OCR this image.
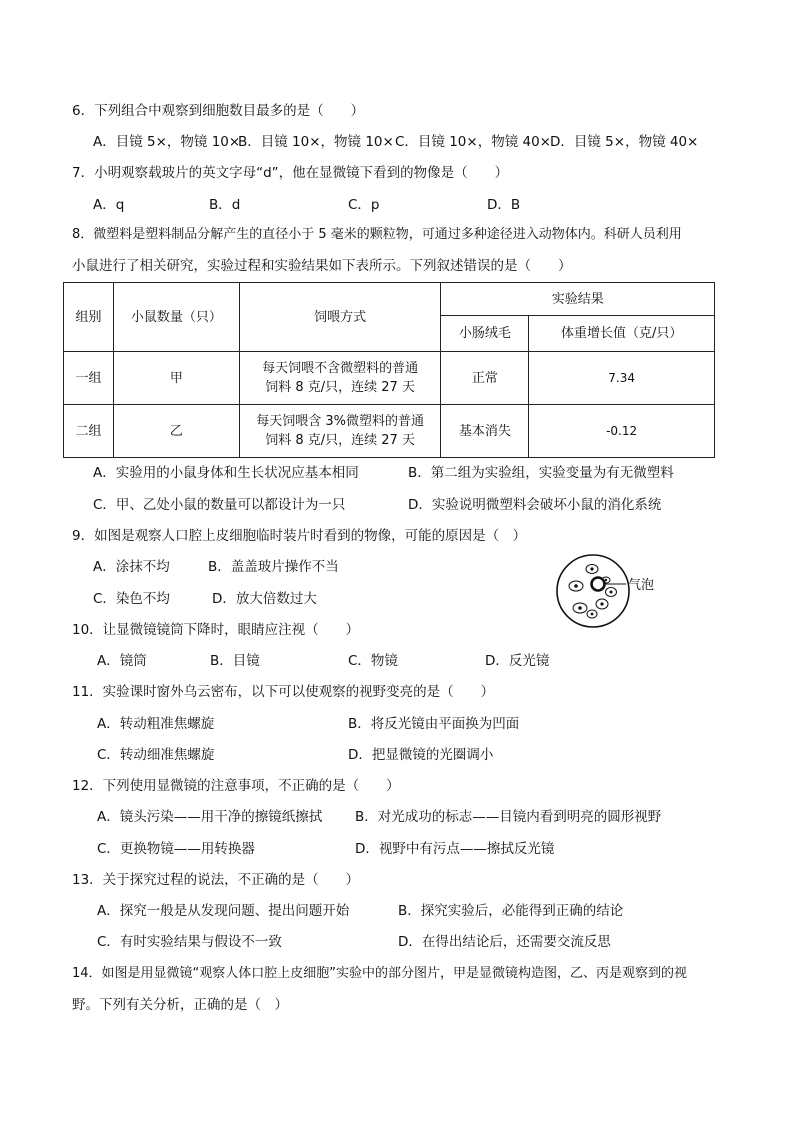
6．下列组合中观察到细胞数目最多的是（　　）
A．目镜 5×，物镜 10×
B．目镜 10×，物镜 10× C．目镜 10×，物镜 40× D．目镜 5×，物镜 40×
7．小明观察载玻片的英文字母“d”，他在显微镜下看到的物像是（　　）
A．q	B．d	C．p	D．B
8．微塑料是塑料制品分解产生的直径小于 5 毫米的颗粒物，可通过多种途径进入动物体内。科研人员利用
小鼠进行了相关研究，实验过程和实验结果如下表所示。下列叙述错误的是（　　）
组别	小鼠数量（只）	饲喂方式	实验结果	
			小肠绒毛	体重增长值（克/只）
一组	甲	每天饲喂不含微塑料的普通
饲料 8 克/只，连续 27 天	正常	7.34
二组	乙	每天饲喂含 3%微塑料的普通
饲料 8 克/只，连续 27 天	基本消失	-0.12
A．实验用的小鼠身体和生长状况应基本相同	B．第二组为实验组，实验变量为有无微塑料
C．甲、乙处小鼠的数量可以都设计为一只	D．实验说明微塑料会破坏小鼠的消化系统
9．如图是观察人口腔上皮细胞临时装片时看到的物像，可能的原因是（　）
A．涂抹不均	B．盖盖玻片操作不当
C．染色不均	D．放大倍数过大
气泡
10．让显微镜镜筒下降时，眼睛应注视（　　）
A．镜筒	B．目镜	C．物镜	D．反光镜
11．实验课时窗外乌云密布，以下可以使观察的视野变亮的是（　　）
A．转动粗准焦螺旋	B．将反光镜由平面换为凹面
C．转动细准焦螺旋	D．把显微镜的光圈调小
12．下列使用显微镜的注意事项，不正确的是（　　）
A．镜头污染——用干净的擦镜纸擦拭 B．对光成功的标志——目镜内看到明亮的圆形视野
C．更换物镜——用转换器	D．视野中有污点——擦拭反光镜
13．关于探究过程的说法，不正确的是（　　）
A．探究一般是从发现问题、提出问题开始	B．探究实验后，必能得到正确的结论
C．有时实验结果与假设不一致	D．在得出结论后，还需要交流反思
14．如图是用显微镜“观察人体口腔上皮细胞”实验中的部分图片，甲是显微镜构造图，乙、丙是观察到的视
野。下列有关分析，正确的是（　）
